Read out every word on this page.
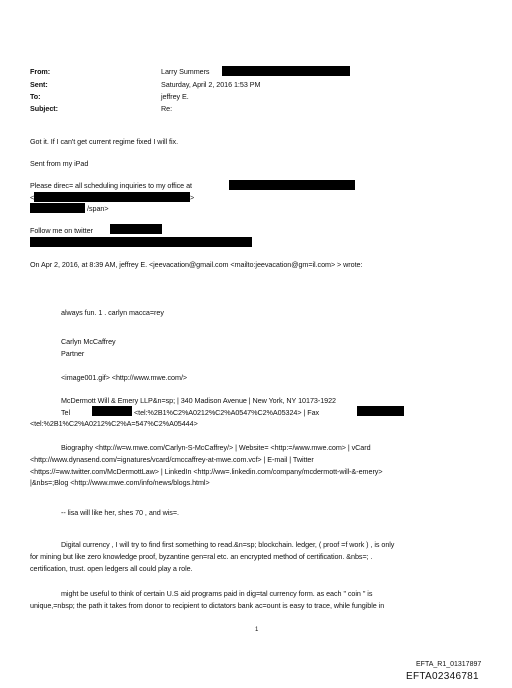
From:	Larry Summers
Sent:	Saturday, April 2, 2016 1:53 PM
To:	jeffrey E.
Subject:	Re:
Got it. If I can't get current regime fixed I will fix.
Sent from my iPad
Please direc= all scheduling inquiries to my office at
<	>
/span>
Follow me on twitter
On Apr 2, 2016, at 8:39 AM, jeffrey E. <jeevacation@gmail.com <mailto:jeevacation@gm=il.com> > wrote:
always fun. 1 . carlyn macca=rey
Carlyn McCaffrey
Partner
<image001.gif> <http://www.mwe.com/>
McDermott Will & Emery LLP&n=sp; | 340 Madison Avenue | New York, NY 10173-1922
Tel	<tel:%2B1%C2%A0212%C2%A0547%C2%A05324> | Fax
<tel:%2B1%C2%A0212%C2%A=547%C2%A05444>
Biography <http://w=w.mwe.com/Carlyn-S-McCaffrey/> | Website= <http:=/www.mwe.com> | vCard
<http://www.dynasend.com/=ignatures/vcard/cmccaffrey-at-mwe.com.vcf> | E-mail | Twitter
<https://=ww.twitter.com/McDermottLaw> | LinkedIn <http://ww=.linkedin.com/company/mcdermott-will-&-emery>
|&nbs=;Blog <http://www.mwe.com/info/news/blogs.html>
-- lisa will like her, shes 70 , and wis=.
Digital currency , I will try to find first something to read.&n=sp; blockchain. ledger, ( proof =f work ) , is only
for mining but like zero knowledge proof, byzantine gen=ral etc. an encrypted method of certification. &nbs=; .
certification, trust. open ledgers all could play a role.
might be useful to think of certain U.S aid programs paid in dig=tal currency form. as each " coin " is
unique,=nbsp; the path it takes from donor to recipient to dictators bank ac=ount is easy to trace, while fungible in
1
EFTA_R1_01317897
EFTA02346781
